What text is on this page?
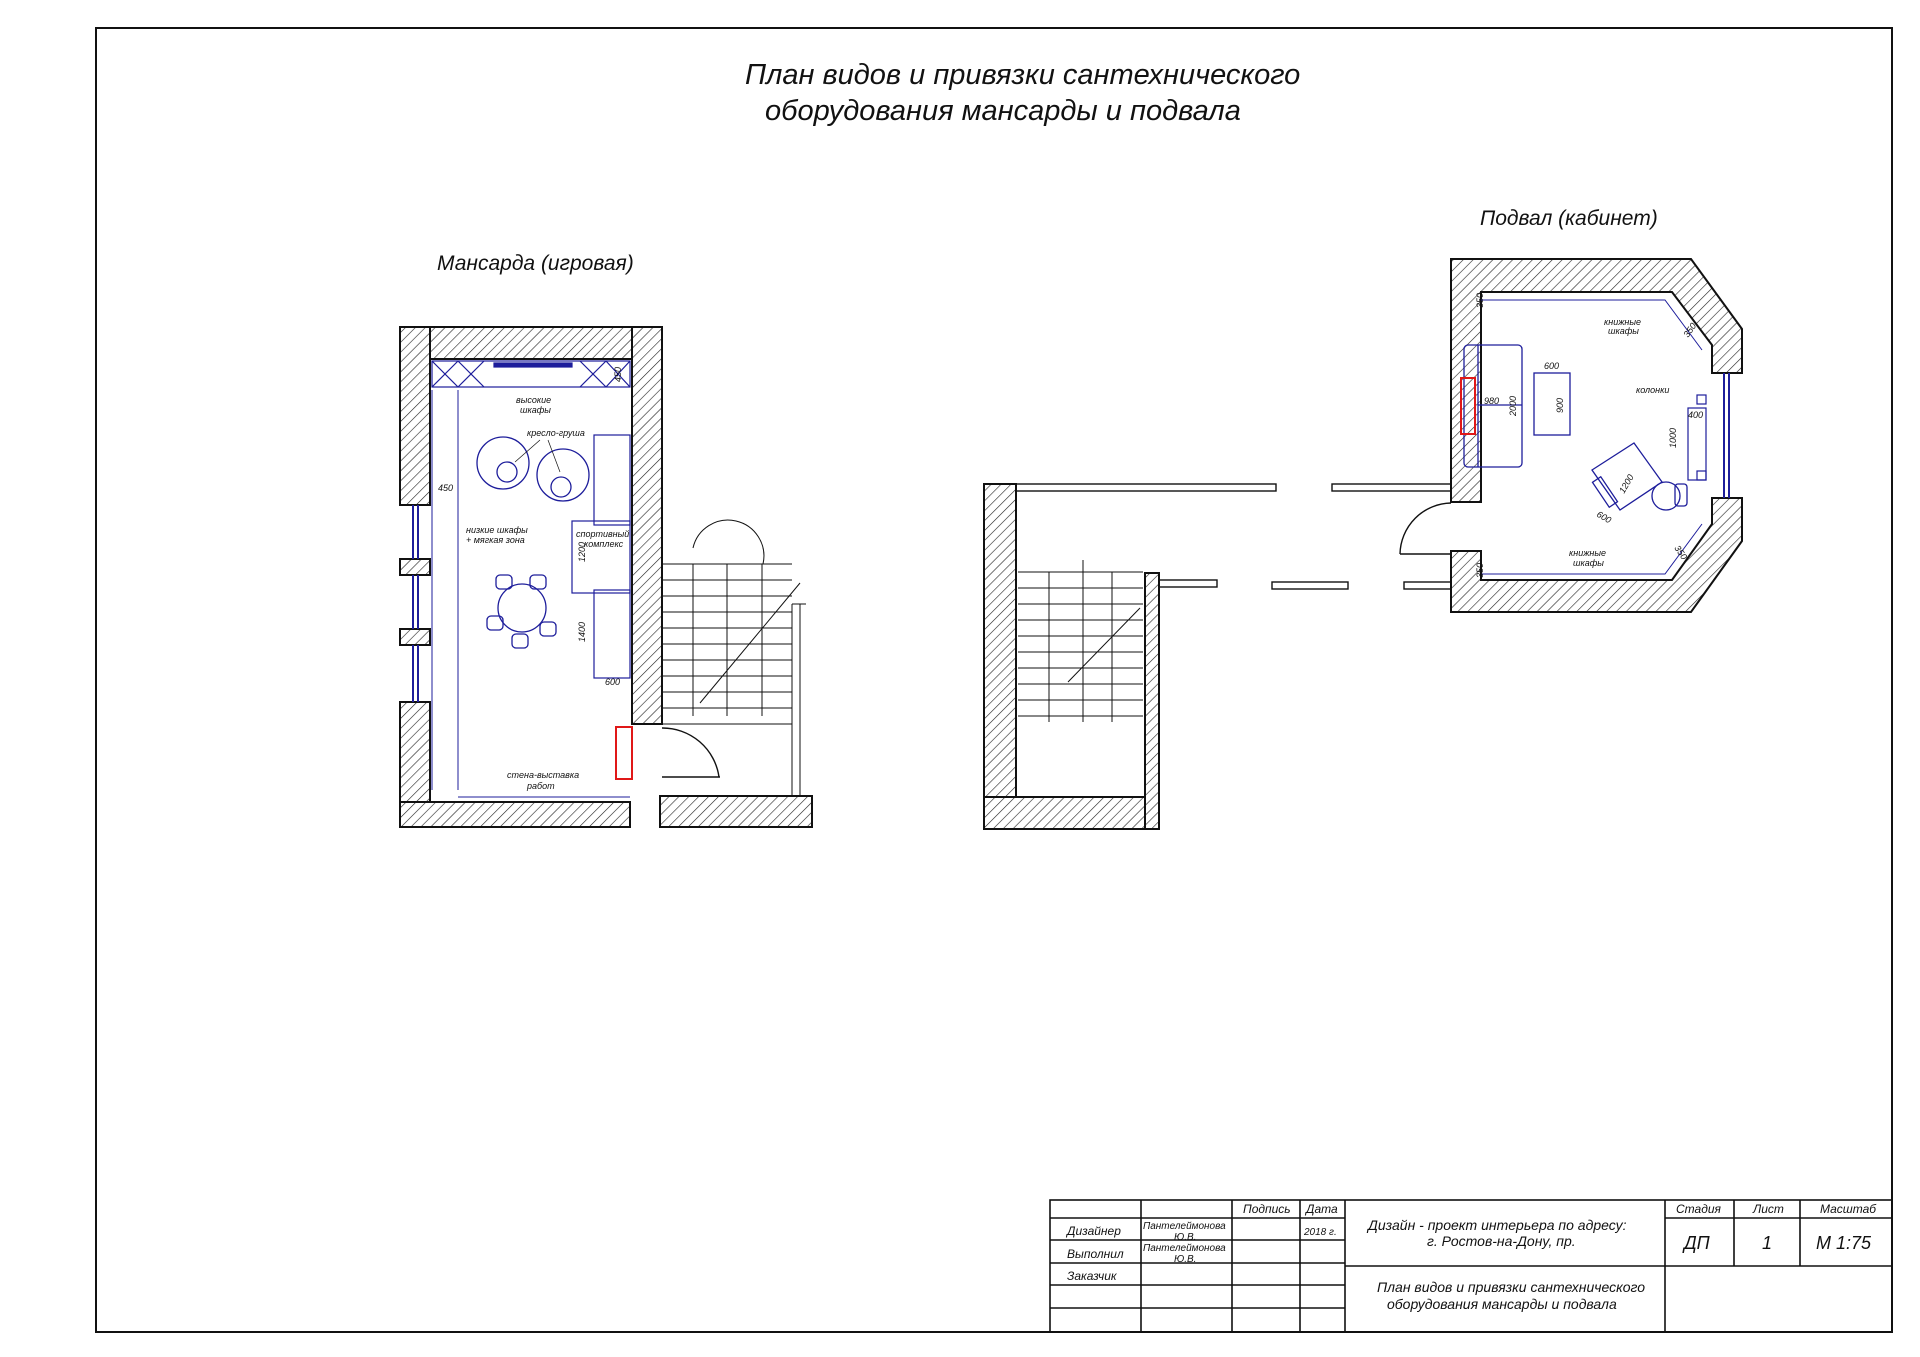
План видов и привязки сантехнического
оборудования мансарды и подвала
Мансарда (игровая)
высокие
шкафы
кресло-груша
450
низкие шкафы
+ мягкая зона
спортивный
комплекс
450
1200
1400
600
стена-выставка
работ
Подвал (кабинет)
книжные
шкафы
книжные
шкафы
350
350
350
350
980 2000
600
900
колонки
400
1000
1200
600
Подпись Дата
Дизайнер Пантелеймонова
Ю.В.	2018 г.
Выполнил Пантелеймонова
Ю.В.
Заказчик
Дизайн - проект интерьера по адресу:
г. Ростов-на-Дону, пр.
План видов и привязки сантехнического
оборудования мансарды и подвала
Стадия
ДП
Лист
1
Масштаб
М 1:75
